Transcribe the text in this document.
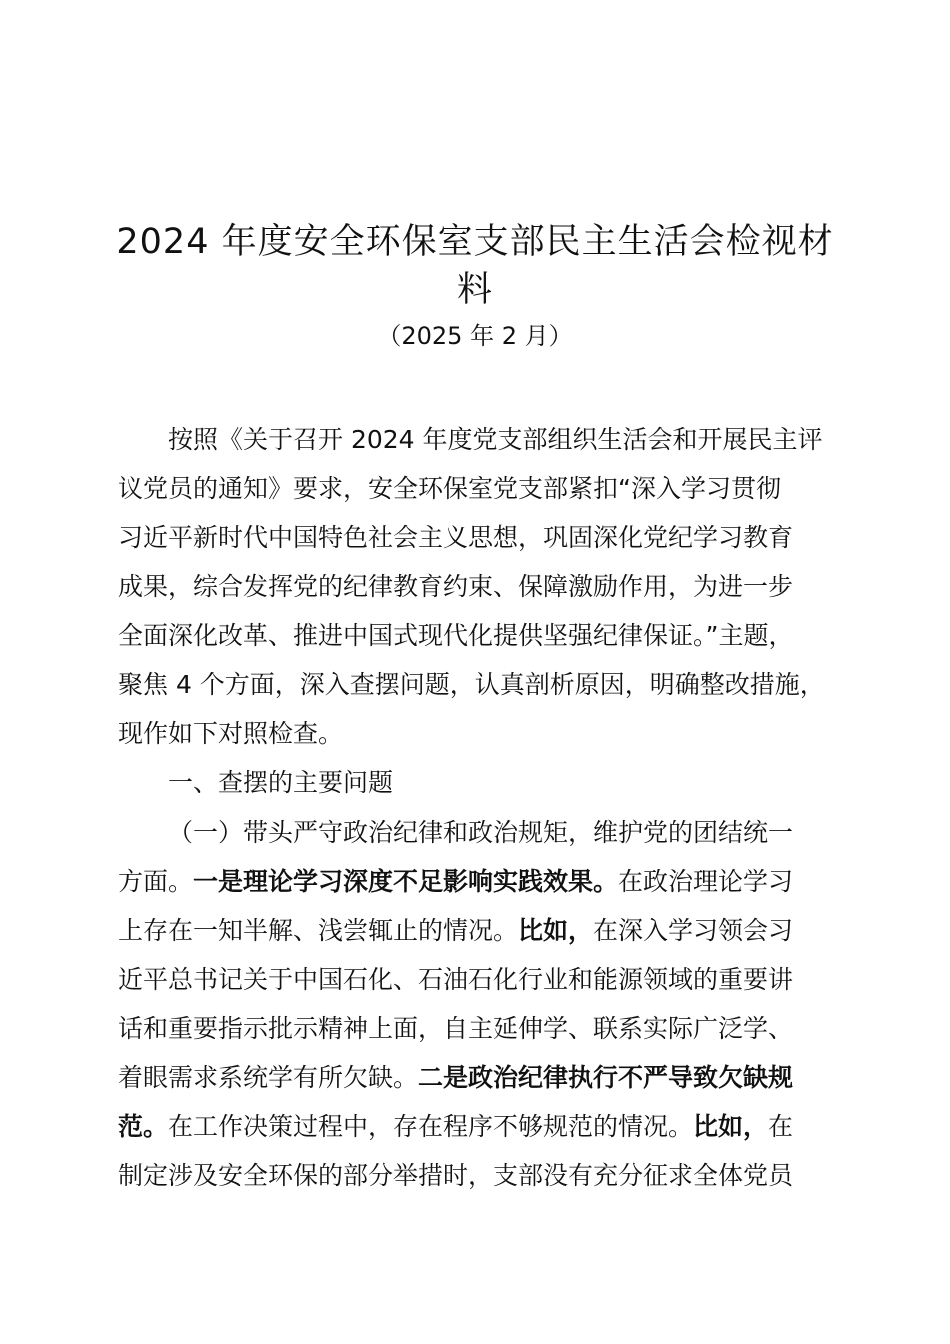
2024 年度安全环保室支部民主生活会检视材
料
（2025 年 2 月）
按照《关于召开 2024 年度党支部组织生活会和开展民主评
议党员的通知》要求，安全环保室党支部紧扣“深入学习贯彻
习近平新时代中国特色社会主义思想，巩固深化党纪学习教育
成果，综合发挥党的纪律教育约束、保障激励作用，为进一步
全面深化改革、推进中国式现代化提供坚强纪律保证。”主题，
聚焦 4 个方面，深入查摆问题，认真剖析原因，明确整改措施，
现作如下对照检查。
一、查摆的主要问题
（一）带头严守政治纪律和政治规矩，维护党的团结统一
方面。一是理论学习深度不足影响实践效果。在政治理论学习
上存在一知半解、浅尝辄止的情况。比如，在深入学习领会习
近平总书记关于中国石化、石油石化行业和能源领域的重要讲
话和重要指示批示精神上面，自主延伸学、联系实际广泛学、
着眼需求系统学有所欠缺。二是政治纪律执行不严导致欠缺规
范。在工作决策过程中，存在程序不够规范的情况。比如，在
制定涉及安全环保的部分举措时，支部没有充分征求全体党员
